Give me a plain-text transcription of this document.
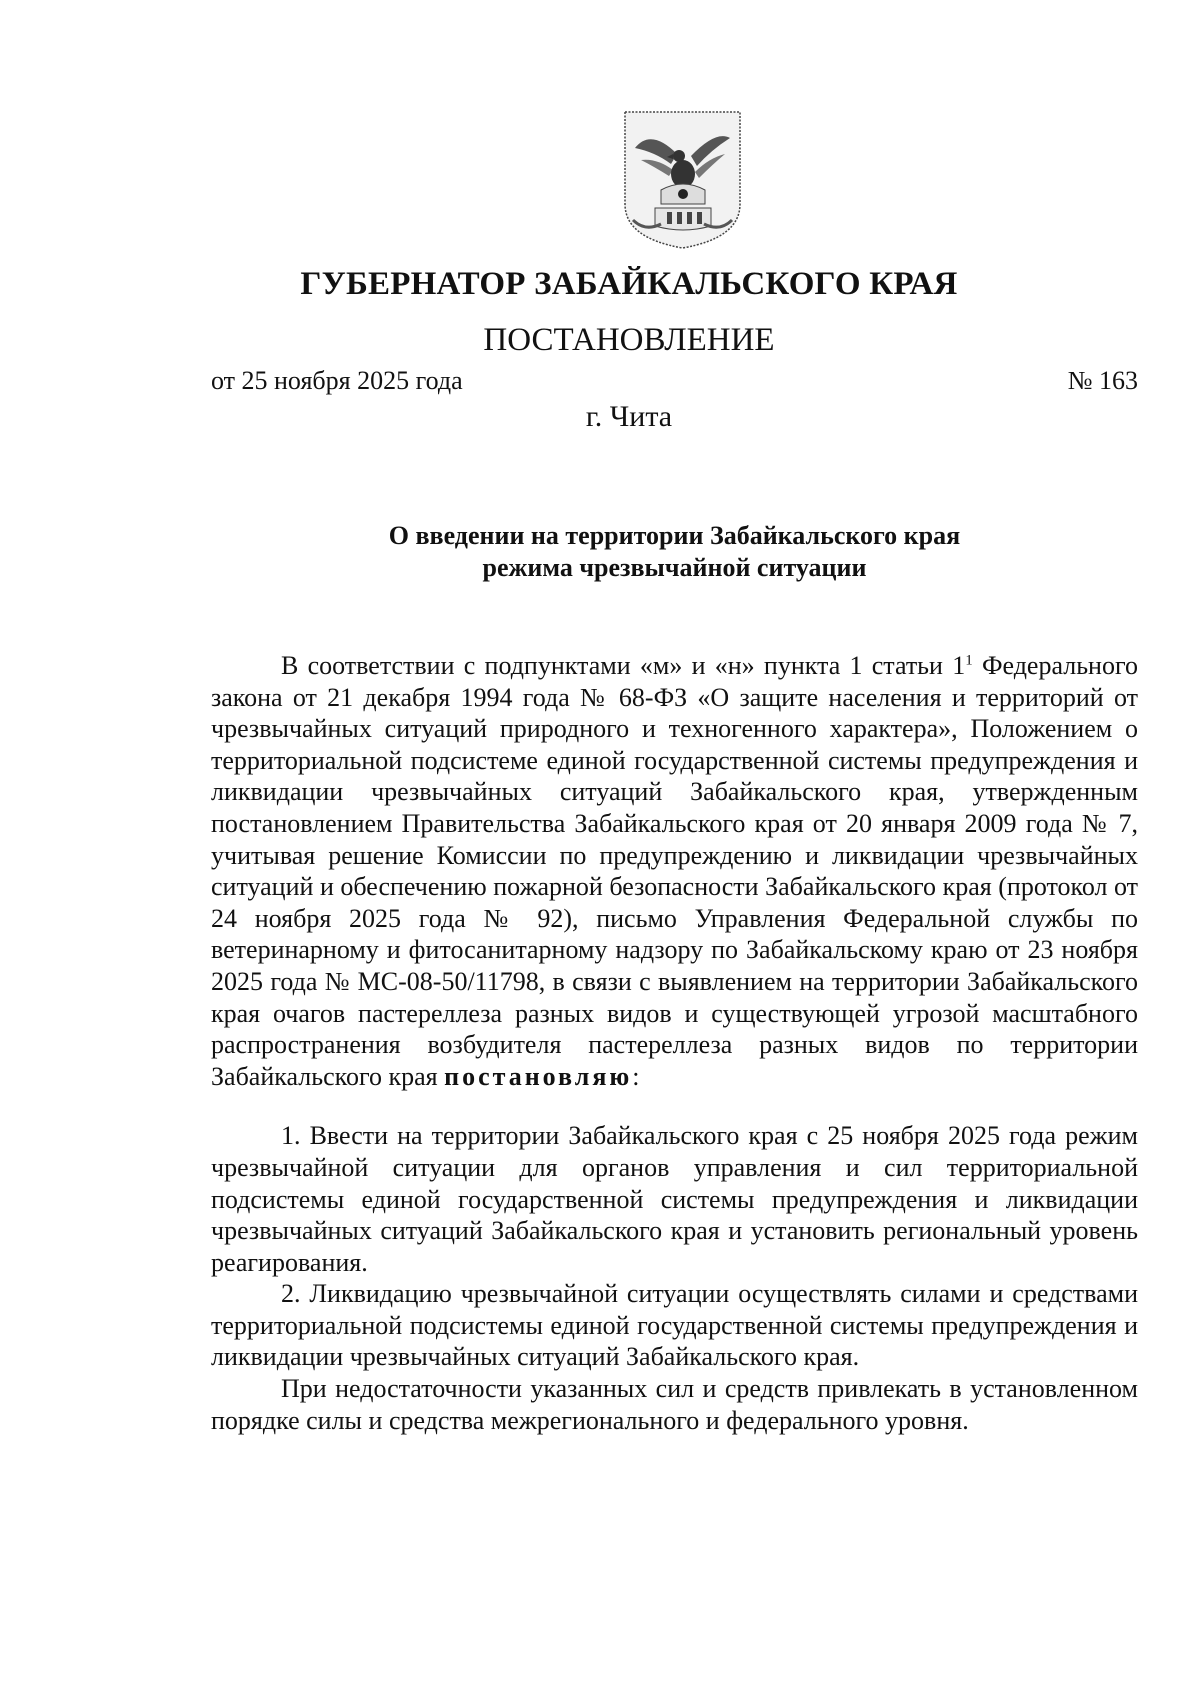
ГУБЕРНАТОР ЗАБАЙКАЛЬСКОГО КРАЯ
ПОСТАНОВЛЕНИЕ
от 25 ноября 2025 года	№ 163
г. Чита
О введении на территории Забайкальского края
режима чрезвычайной ситуации

В соответствии с подпунктами «м» и «н» пункта 1 статьи $1^1$ Федерального закона от 21 декабря 1994 года № 68-ФЗ «О защите населения и территорий от чрезвычайных ситуаций природного и техногенного характера», Положением о территориальной подсистеме единой государственной системы предупреждения и ликвидации чрезвычайных ситуаций Забайкальского края, утвержденным постановлением Правительства Забайкальского края от 20 января 2009 года № 7, учитывая решение Комиссии по предупреждению и ликвидации чрезвычайных ситуаций и обеспечению пожарной безопасности Забайкальского края (протокол от 24 ноября 2025 года № 92), письмо Управления Федеральной службы по ветеринарному и фитосанитарному надзору по Забайкальскому краю от 23 ноября 2025 года № МС-08-50/11798, в связи с выявлением на территории Забайкальского края очагов пастереллеза разных видов и существующей угрозой масштабного распространения возбудителя пастереллеза разных видов по территории Забайкальского края постановляю:

1. Ввести на территории Забайкальского края с 25 ноября 2025 года режим чрезвычайной ситуации для органов управления и сил территориальной подсистемы единой государственной системы предупреждения и ликвидации чрезвычайных ситуаций Забайкальского края и установить региональный уровень реагирования.

2. Ликвидацию чрезвычайной ситуации осуществлять силами и средствами территориальной подсистемы единой государственной системы предупреждения и ликвидации чрезвычайных ситуаций Забайкальского края.

При недостаточности указанных сил и средств привлекать в установленном порядке силы и средства межрегионального и федерального уровня.
